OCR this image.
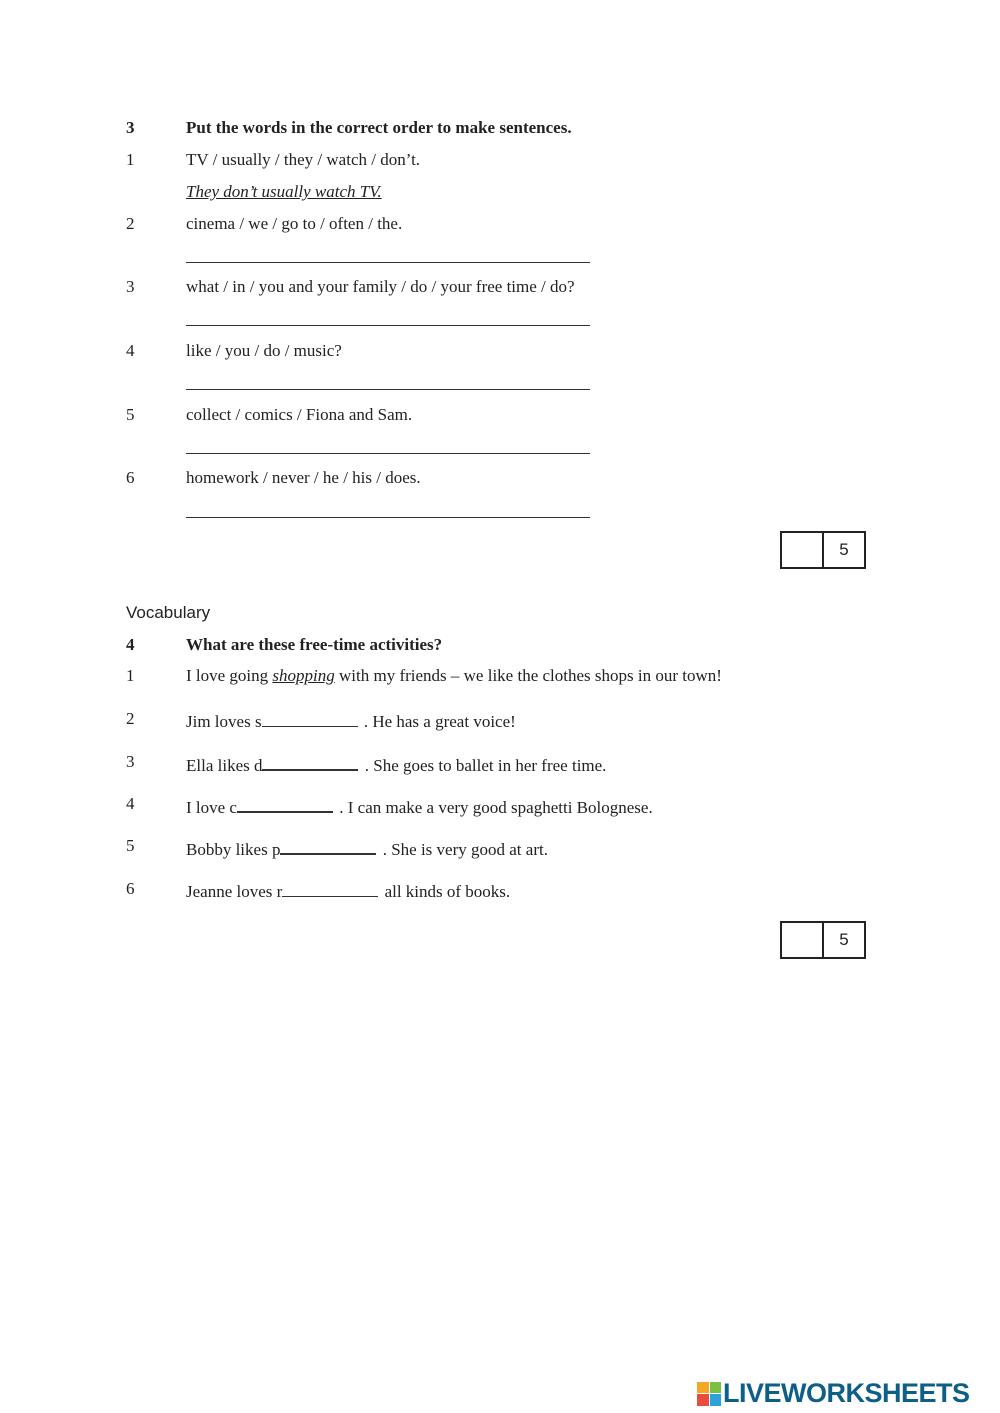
3	Put the words in the correct order to make sentences.
1	TV / usually / they / watch / don’t.
They don’t usually watch TV.
2	cinema / we / go to / often / the.
3	what / in / you and your family / do / your free time / do?
4	like / you / do / music?
5	collect / comics / Fiona and Sam.
6	homework / never / he / his / does.
5
Vocabulary
4	What are these free-time activities?
1	I love going shopping with my friends – we like the clothes shops in our town!
2	Jim loves s	. He has a great voice!
3	Ella likes d	. She goes to ballet in her free time.
4	I love c	. I can make a very good spaghetti Bolognese.
5	Bobby likes p	. She is very good at art.
6	Jeanne loves r	all kinds of books.
5
LIVEWORKSHEETS
